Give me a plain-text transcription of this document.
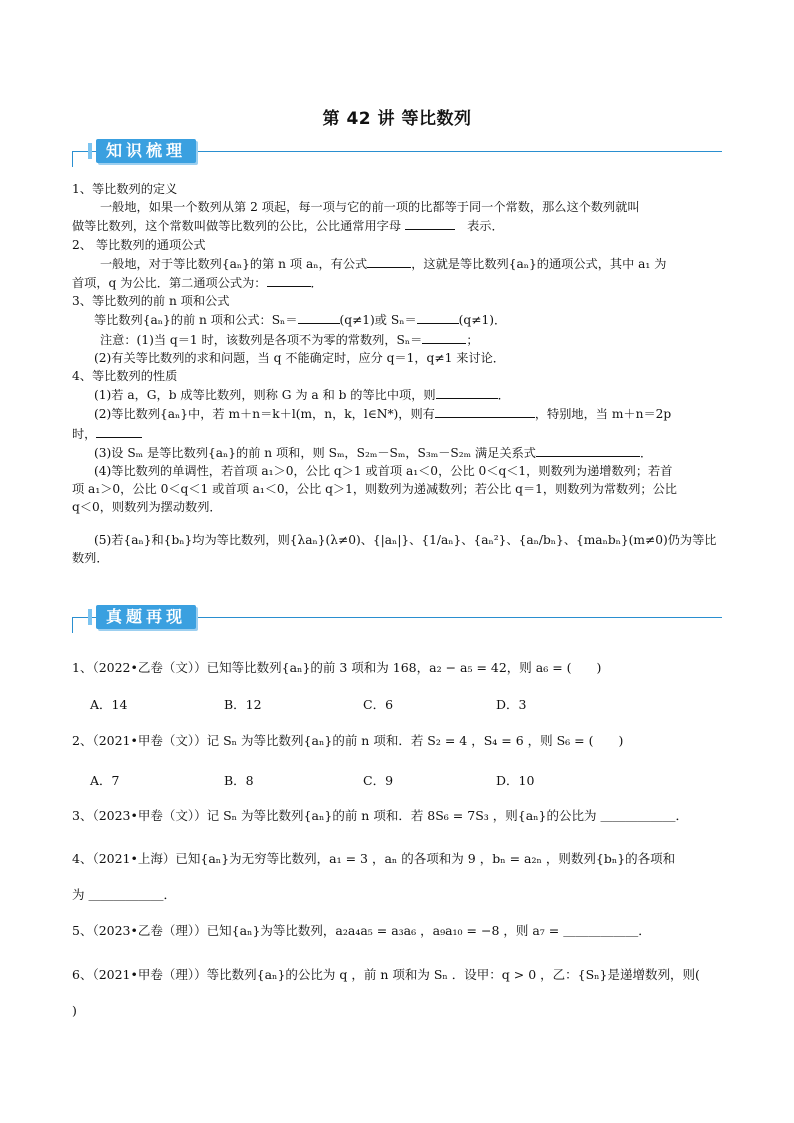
第 42 讲 等比数列
知识梳理

1、等比数列的定义

一般地，如果一个数列从第 2 项起，每一项与它的前一项的比都等于同一个常数，那么这个数列就叫

做等比数列，这个常数叫做等比数列的公比，公比通常用字母 　	表示．

2、 等比数列的通项公式

一般地，对于等比数列{aₙ}的第 n 项 aₙ，有公式	，这就是等比数列{aₙ}的通项公式，其中 a₁ 为

首项，q 为公比．第二通项公式为：	．

3、等比数列的前 n 项和公式

等比数列{aₙ}的前 n 项和公式：Sₙ＝	(q≠1)或 Sₙ＝	(q≠1)．

注意：(1)当 q＝1 时，该数列是各项不为零的常数列，Sₙ＝	；

(2)有关等比数列的求和问题，当 q 不能确定时，应分 q＝1，q≠1 来讨论．

4、等比数列的性质

(1)若 a，G，b 成等比数列，则称 G 为 a 和 b 的等比中项，则	．

(2)等比数列{aₙ}中，若 m＋n＝k＋l(m，n，k，l∈N*)，则有	，特别地，当 m＋n＝2p

时，

(3)设 Sₘ 是等比数列{aₙ}的前 n 项和，则 Sₘ，S₂ₘ－Sₘ，S₃ₘ－S₂ₘ 满足关系式	．

(4)等比数列的单调性，若首项 a₁＞0，公比 q＞1 或首项 a₁＜0，公比 0＜q＜1，则数列为递增数列；若首

项 a₁＞0，公比 0＜q＜1 或首项 a₁＜0，公比 q＞1，则数列为递减数列；若公比 q＝1，则数列为常数列；公比

q＜0，则数列为摆动数列．

(5)若{aₙ}和{bₙ}均为等比数列，则{λaₙ}(λ≠0)、{|aₙ|}、{1/aₙ}、{aₙ²}、{aₙ/bₙ}、{maₙbₙ}(m≠0)仍为等比

数列．

真题再现
1、（2022•乙卷（文））已知等比数列{aₙ}的前 3 项和为 168，a₂ − a₅ = 42，则 a₆ = (　　)
A．14	B．12	C．6	D．3
2、（2021•甲卷（文））记 Sₙ 为等比数列{aₙ}的前 n 项和．若 S₂ = 4 ，S₄ = 6 ，则 S₆ = (　　)
A．7	B．8	C．9	D．10
3、（2023•甲卷（文））记 Sₙ 为等比数列{aₙ}的前 n 项和．若 8S₆ = 7S₃ ，则{aₙ}的公比为 ＿＿＿＿＿＿．
4、（2021•上海）已知{aₙ}为无穷等比数列，a₁ = 3 ，aₙ 的各项和为 9 ，bₙ = a₂ₙ ，则数列{bₙ}的各项和
为 ＿＿＿＿＿＿．
5、（2023•乙卷（理））已知{aₙ}为等比数列，a₂a₄a₅ = a₃a₆ ，a₉a₁₀ = −8 ，则 a₇ = ＿＿＿＿＿＿．
6、（2021•甲卷（理））等比数列{aₙ}的公比为 q ，前 n 项和为 Sₙ ．设甲：q > 0 ，乙：{Sₙ}是递增数列，则(
)
